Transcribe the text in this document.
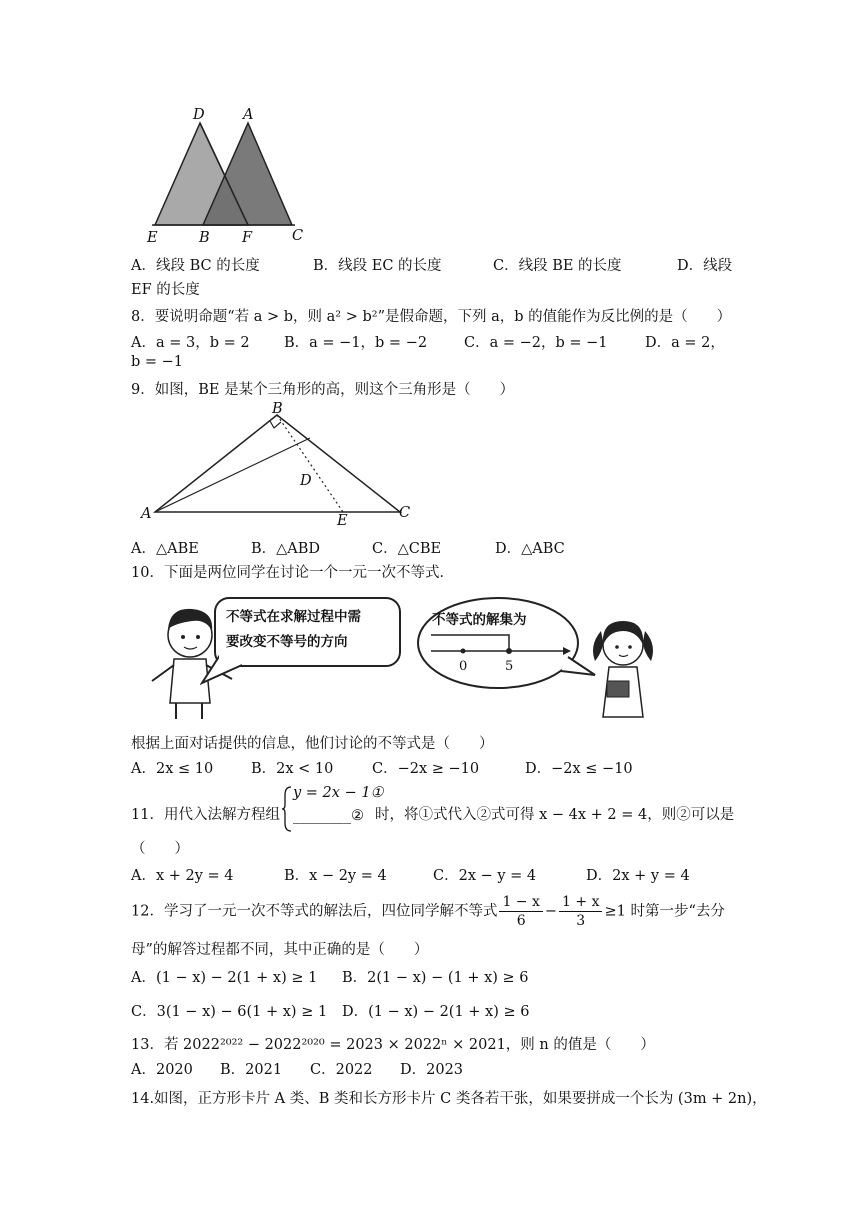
D	A
E	B F	C
A．线段 BC 的长度	B．线段 EC 的长度	C．线段 BE 的长度	D．线段
EF 的长度
8．要说明命题“若 a > b，则 a² > b²”是假命题，下列 a，b 的值能作为反比例的是（　　）
A．a = 3，b = 2 B．a = −1，b = −2	C．a = −2，b = −1	D．a = 2，
b = −1
9．如图，BE 是某个三角形的高，则这个三角形是（　　）
B
A
D
E	C
A．△ABE	B．△ABD	C．△CBE	D．△ABC
10．下面是两位同学在讨论一个一元一次不等式．
不等式在求解过程中需
要改变不等号的方向
不等式的解集为
0	5
根据上面对话提供的信息，他们讨论的不等式是（　　）
A．2x ≤ 10	B．2x < 10	C．−2x ≥ −10	D．−2x ≤ −10
11．用代入法解方程组
y = 2x − 1①
________② 时，将①式代入②式可得 x − 4x + 2 = 4，则②可以是
（　　）
A．x + 2y = 4	B．x − 2y = 4	C．2x − y = 4	D．2x + y = 4
12．学习了一元一次不等式的解法后，四位同学解不等式 $\frac{1 - x}{6} - \frac{1 + x}{3} \ge 1$ 时第一步“去分
母”的解答过程都不同，其中正确的是（　　）
A．(1 − x) − 2(1 + x) ≥ 1 B．2(1 − x) − (1 + x) ≥ 6
C．3(1 − x) − 6(1 + x) ≥ 1 D．(1 − x) − 2(1 + x) ≥ 6
13．若 2022²⁰²² − 2022²⁰²⁰ = 2023 × 2022ⁿ × 2021，则 n 的值是（　　）
A．2020 B．2021 C．2022 D．2023
14.如图，正方形卡片 A 类、B 类和长方形卡片 C 类各若干张，如果要拼成一个长为 (3m + 2n)，
